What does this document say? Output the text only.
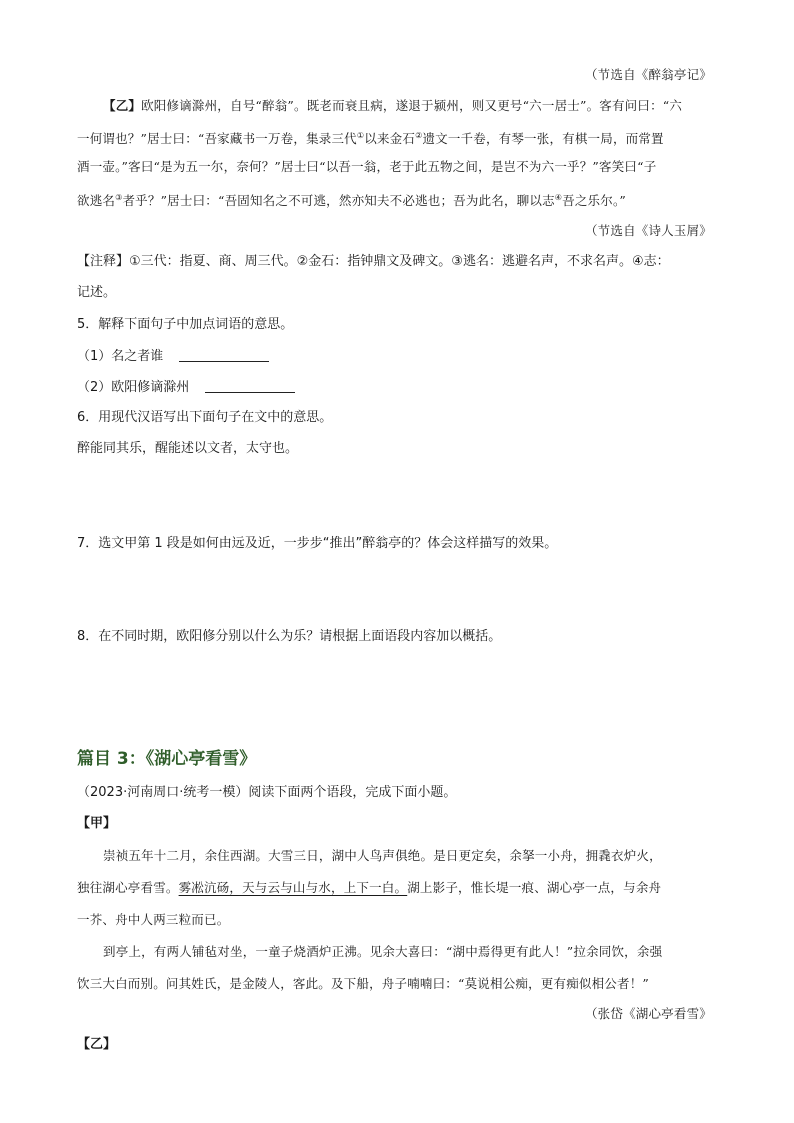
（节选自《醉翁亭记》
【乙】欧阳修谪滁州，自号“醉翁”。既老而衰且病，遂退于颍州，则又更号“六一居士”。客有问曰：“六
一何谓也？”居士曰：“吾家藏书一万卷，集录三代①以来金石②遗文一千卷，有琴一张，有棋一局，而常置
酒一壶。”客曰“是为五一尔，奈何？”居士曰“以吾一翁，老于此五物之间，是岂不为六一乎？”客笑曰“子
欲逃名③者乎？”居士曰：“吾固知名之不可逃，然亦知夫不必逃也；吾为此名，聊以志④吾之乐尔。”
（节选自《诗人玉屑》
【注释】①三代：指夏、商、周三代。②金石：指钟鼎文及碑文。③逃名：逃避名声，不求名声。④志：
记述。
5．解释下面句子中加点词语的意思。
（1）名之者谁
（2）欧阳修谪滁州
6．用现代汉语写出下面句子在文中的意思。
醉能同其乐，醒能述以文者，太守也。
7．选文甲第 1 段是如何由远及近，一步步“推出”醉翁亭的？体会这样描写的效果。
8．在不同时期，欧阳修分别以什么为乐？请根据上面语段内容加以概括。
篇目 3：《湖心亭看雪》
（2023·河南周口·统考一模）阅读下面两个语段，完成下面小题。
【甲】
崇祯五年十二月，余住西湖。大雪三日，湖中人鸟声俱绝。是日更定矣，余拏一小舟，拥毳衣炉火，
独往湖心亭看雪。雾凇沆砀，天与云与山与水，上下一白。湖上影子，惟长堤一痕、湖心亭一点，与余舟
一芥、舟中人两三粒而已。
到亭上，有两人铺毡对坐，一童子烧酒炉正沸。见余大喜曰：“湖中焉得更有此人！”拉余同饮，余强
饮三大白而别。问其姓氏，是金陵人，客此。及下船，舟子喃喃曰：“莫说相公痴，更有痴似相公者！”
（张岱《湖心亭看雪》
【乙】
